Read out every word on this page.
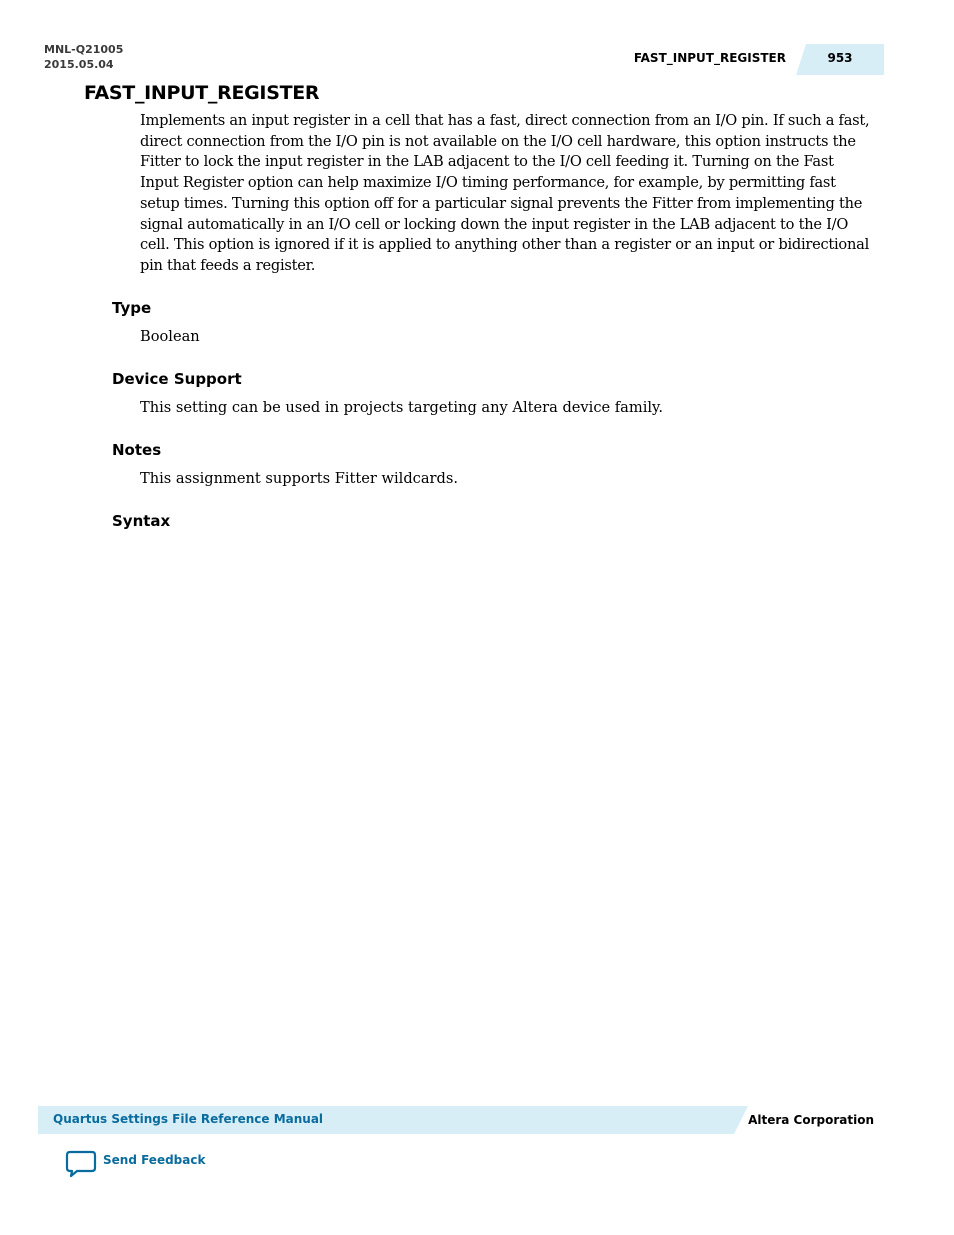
MNL-Q21005
2015.05.04	FAST_INPUT_REGISTER	953
FAST_INPUT_REGISTER

Implements an input register in a cell that has a fast, direct connection from an I/O pin. If such a fast, direct connection from the I/O pin is not available on the I/O cell hardware, this option instructs the Fitter to lock the input register in the LAB adjacent to the I/O cell feeding it. Turning on the Fast Input Register option can help maximize I/O timing performance, for example, by permitting fast setup times. Turning this option off for a particular signal prevents the Fitter from implementing the signal automatically in an I/O cell or locking down the input register in the LAB adjacent to the I/O cell. This option is ignored if it is applied to anything other than a register or an input or bidirectional pin that feeds a register.

Type

Boolean

Device Support

This setting can be used in projects targeting any Altera device family.

Notes

This assignment supports Fitter wildcards.

Syntax
Quartus Settings File Reference Manual	Altera Corporation
Send Feedback
